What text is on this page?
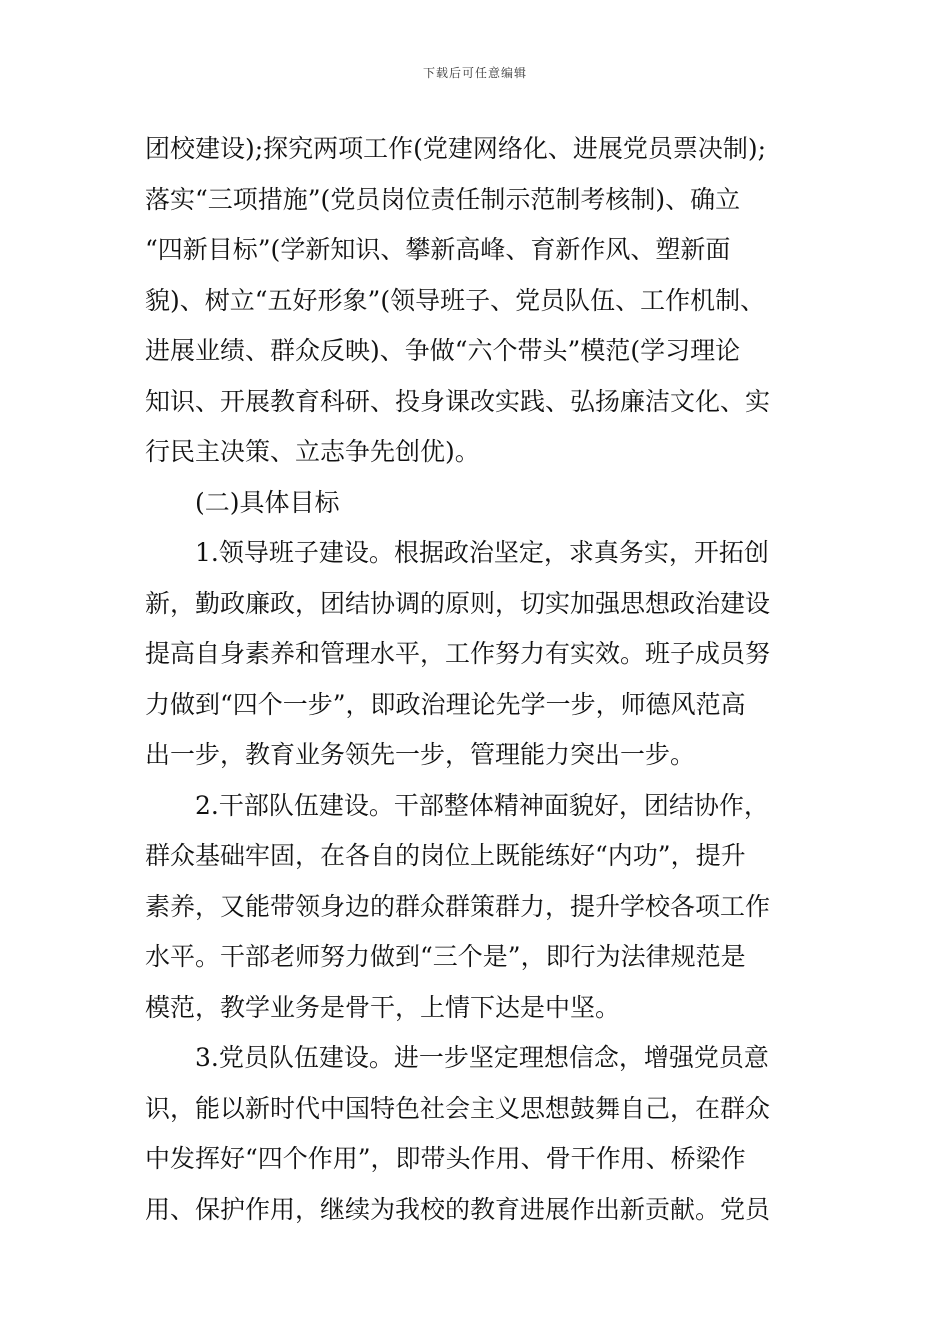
下载后可任意编辑
团校建设);探究两项工作(党建网络化、进展党员票决制);
落实“三项措施”(党员岗位责任制示范制考核制)、确立
“四新目标”(学新知识、攀新高峰、育新作风、塑新面
貌)、树立“五好形象”(领导班子、党员队伍、工作机制、
进展业绩、群众反映)、争做“六个带头”模范(学习理论
知识、开展教育科研、投身课改实践、弘扬廉洁文化、实
行民主决策、立志争先创优)。
(二)具体目标
1.领导班子建设。根据政治坚定，求真务实，开拓创
新，勤政廉政，团结协调的原则，切实加强思想政治建设
提高自身素养和管理水平，工作努力有实效。班子成员努
力做到“四个一步”，即政治理论先学一步，师德风范高
出一步，教育业务领先一步，管理能力突出一步。
2.干部队伍建设。干部整体精神面貌好，团结协作，
群众基础牢固，在各自的岗位上既能练好“内功”，提升
素养，又能带领身边的群众群策群力，提升学校各项工作
水平。干部老师努力做到“三个是”，即行为法律规范是
模范，教学业务是骨干，上情下达是中坚。
3.党员队伍建设。进一步坚定理想信念，增强党员意
识，能以新时代中国特色社会主义思想鼓舞自己，在群众
中发挥好“四个作用”，即带头作用、骨干作用、桥梁作
用、保护作用，继续为我校的教育进展作出新贡献。党员
